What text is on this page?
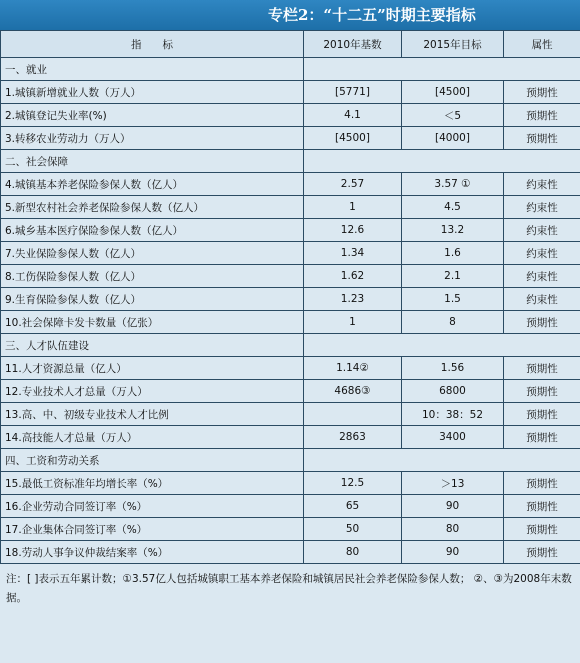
专栏2：“十二五”时期主要指标
指　　标	2010年基数	2015年目标	属性
一、就业			
1.城镇新增就业人数（万人）	[5771]	[4500]	预期性
2.城镇登记失业率(%)	4.1	＜5	预期性
3.转移农业劳动力（万人）	[4500]	[4000]	预期性
二、社会保障			
4.城镇基本养老保险参保人数（亿人）	2.57	3.57 ①	约束性
5.新型农村社会养老保险参保人数（亿人）	1	4.5	约束性
6.城乡基本医疗保险参保人数（亿人）	12.6	13.2	约束性
7.失业保险参保人数（亿人）	1.34	1.6	约束性
8.工伤保险参保人数（亿人）	1.62	2.1	约束性
9.生育保险参保人数（亿人）	1.23	1.5	约束性
10.社会保障卡发卡数量（亿张）	1	8	预期性
三、人才队伍建设			
11.人才资源总量（亿人）	1.14②	1.56	预期性
12.专业技术人才总量（万人）	4686③	6800	预期性
13.高、中、初级专业技术人才比例		10：38：52	预期性
14.高技能人才总量（万人）	2863	3400	预期性
四、工资和劳动关系			
15.最低工资标准年均增长率（%）	12.5	＞13	预期性
16.企业劳动合同签订率（%）	65	90	预期性
17.企业集体合同签订率（%）	50	80	预期性
18.劳动人事争议仲裁结案率（%）	80	90	预期性
注：[ ]表示五年累计数；①3.57亿人包括城镇职工基本养老保险和城镇居民社会养老保险参保人数； ②、③为2008年末数据。
